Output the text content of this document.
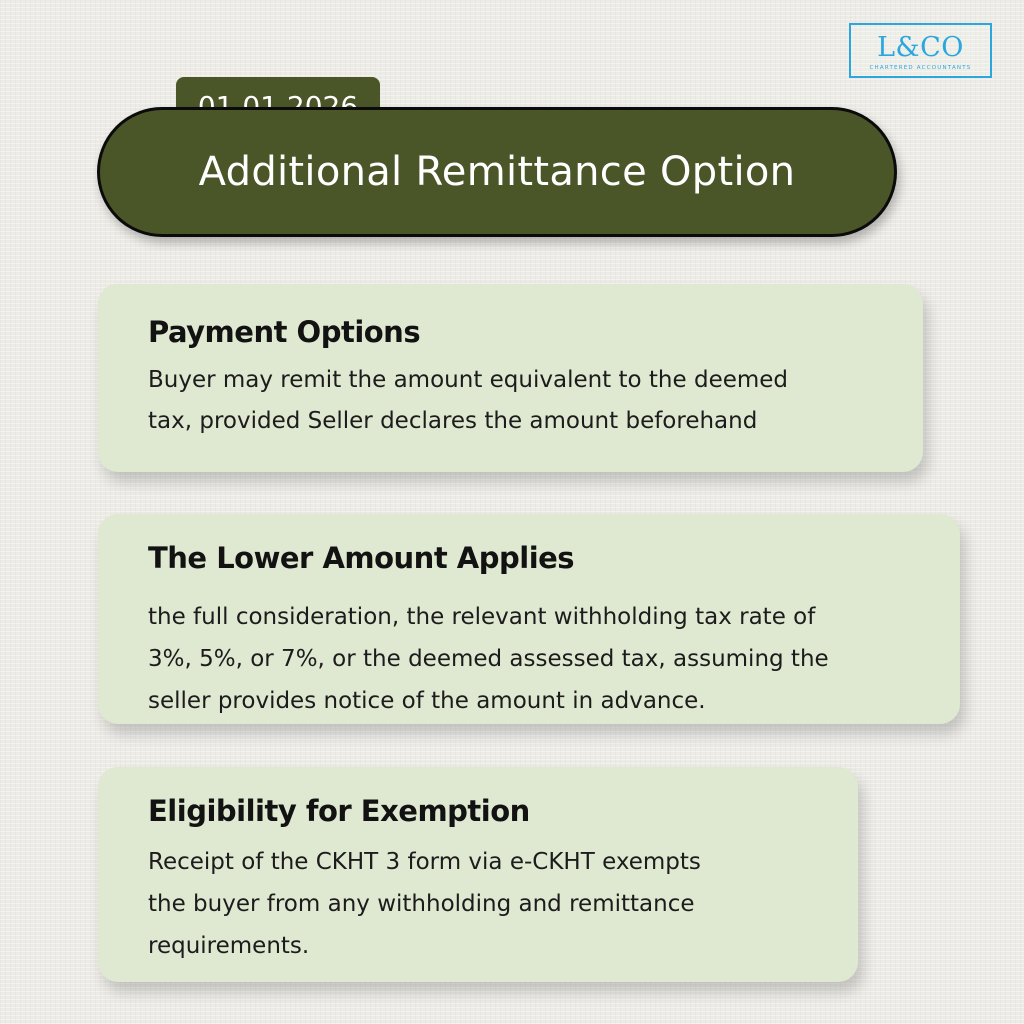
L&CO
CHARTERED ACCOUNTANTS
Additional Remittance Option
Payment Options
Buyer may remit the amount equivalent to the deemed
tax, provided Seller declares the amount beforehand
The Lower Amount Applies
the full consideration, the relevant withholding tax rate of
3%, 5%, or 7%, or the deemed assessed tax, assuming the
seller provides notice of the amount in advance.
Eligibility for Exemption
Receipt of the CKHT 3 form via e-CKHT exempts
the buyer from any withholding and remittance
requirements.
